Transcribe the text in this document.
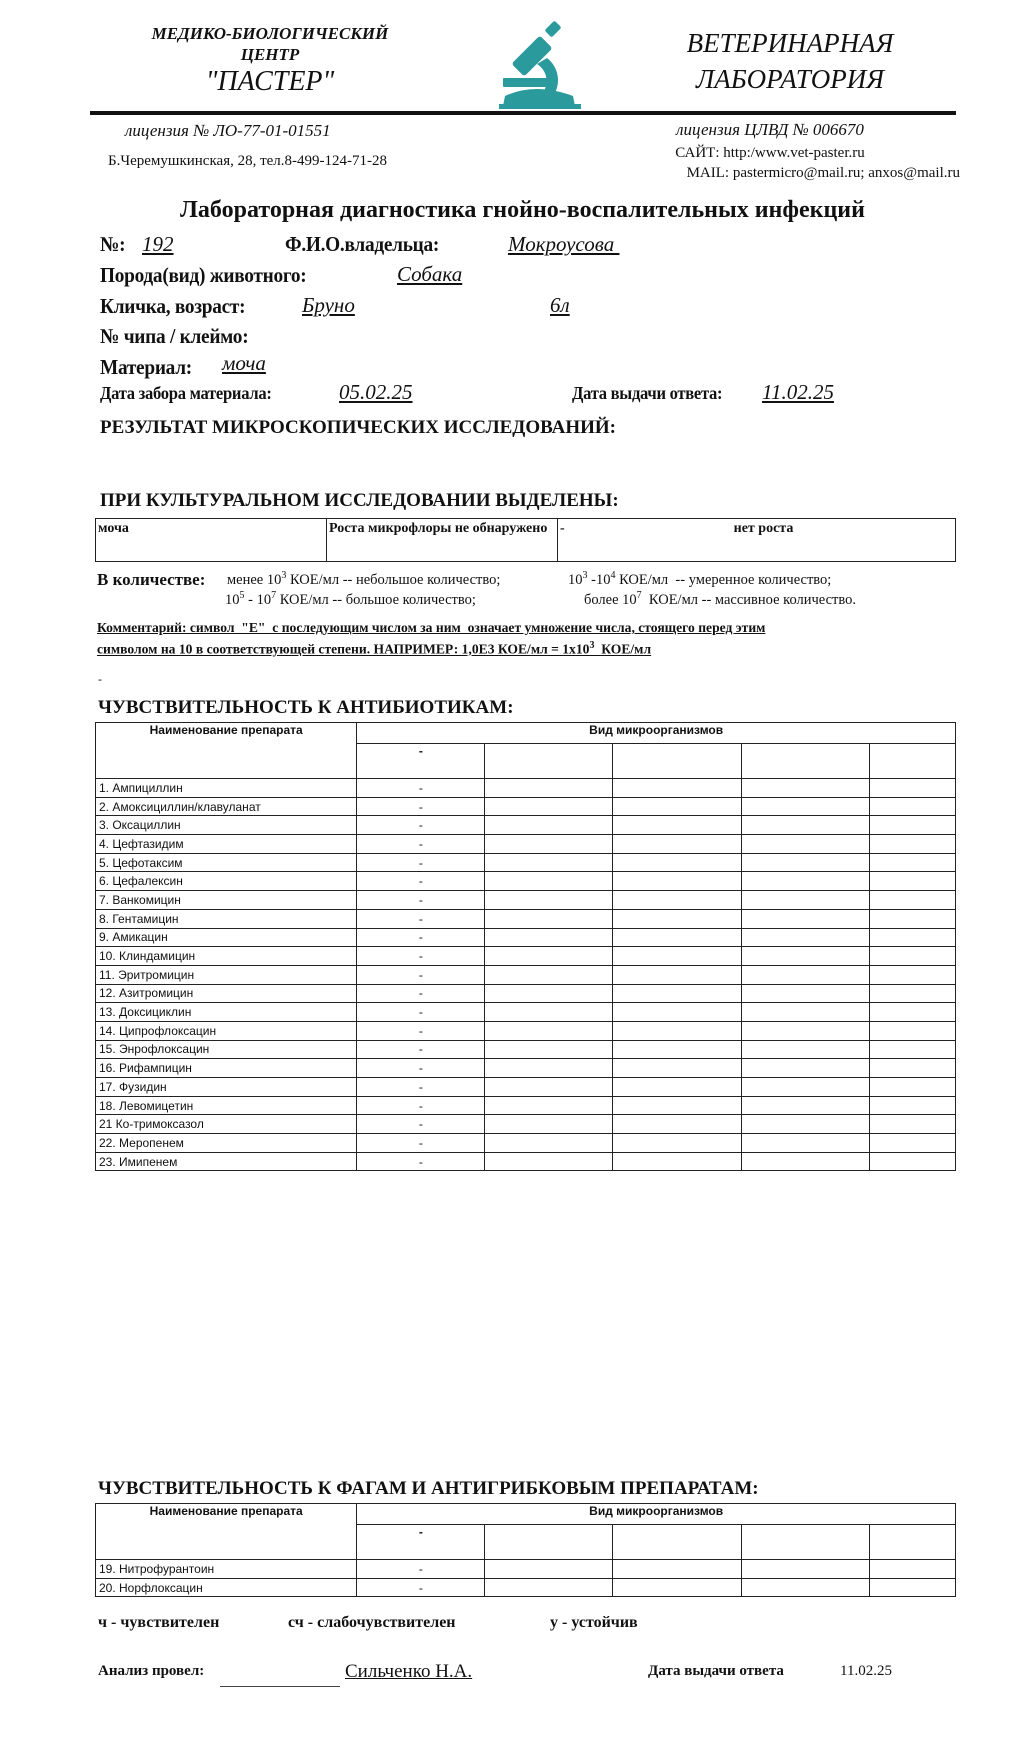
МЕДИКО-БИОЛОГИЧЕСКИЙ
ЦЕНТР
"ПАСТЕР"
ВЕТЕРИНАРНАЯ
ЛАБОРАТОРИЯ
лицензия № ЛО-77-01-01551
Б.Черемушкинская, 28, тел.8-499-124-71-28
лицензия ЦЛВД № 006670
САЙТ: http:/www.vet-paster.ru
MAIL: pastermicro@mail.ru; anxos@mail.ru
Лабораторная диагностика гнойно-воспалительных инфекций
№: 192	Ф.И.О.владельца:	Мокроусова
Порода(вид) животного:	Собака
Кличка, возраст:	Бруно	6л
№ чипа / клеймо:
Материал: моча
Дата забора материала:	05.02.25	Дата выдачи ответа: 11.02.25
РЕЗУЛЬТАТ МИКРОСКОПИЧЕСКИХ ИССЛЕДОВАНИЙ:
ПРИ КУЛЬТУРАЛЬНОМ ИССЛЕДОВАНИИ ВЫДЕЛЕНЫ:
моча	Роста микрофлоры не обнаружено	-	нет роста
В количестве: менее $10^3$ КОЕ/мл -- небольшое количество;	$10^3$ $-10^4$ КОЕ/мл  -- умеренное количество;
$10^5 - 10^7$ КОЕ/мл -- большое количество;	более $10^7$  КОЕ/мл -- массивное количество.
Комментарий: символ  "Е"  с последующим числом за ним  означает умножение числа, стоящего перед этим
символом на 10 в соответствующей степени. НАПРИМЕР: 1,0Е3 $КОЕ/мл = 1х10^3$  КОЕ/мл
-
ЧУВСТВИТЕЛЬНОСТЬ К АНТИБИОТИКАМ:
Наименование препарата	Вид микроорганизмов				
	-				
1. Ампициллин	-				
2. Амоксициллин/клавуланат	-				
3. Оксациллин	-				
4. Цефтазидим	-				
5. Цефотаксим	-				
6. Цефалексин	-				
7. Ванкомицин	-				
8. Гентамицин	-				
9. Амикацин	-				
10. Клиндамицин	-				
11. Эритромицин	-				
12. Азитромицин	-				
13. Доксициклин	-				
14. Ципрофлоксацин	-				
15. Энрофлоксацин	-				
16. Рифампицин	-				
17. Фузидин	-				
18. Левомицетин	-				
21 Ко-тримоксазол	-				
22. Меропенем	-				
23. Имипенем	-				
ЧУВСТВИТЕЛЬНОСТЬ К ФАГАМ И АНТИГРИБКОВЫМ ПРЕПАРАТАМ:
Наименование препарата	Вид микроорганизмов				
	-				
19. Нитрофурантоин	-				
20. Норфлоксацин	-				
ч - чувствителен	сч - слабочувствителен	у - устойчив
Анализ провел:	Сильченко Н.А.	Дата выдачи ответа	11.02.25
